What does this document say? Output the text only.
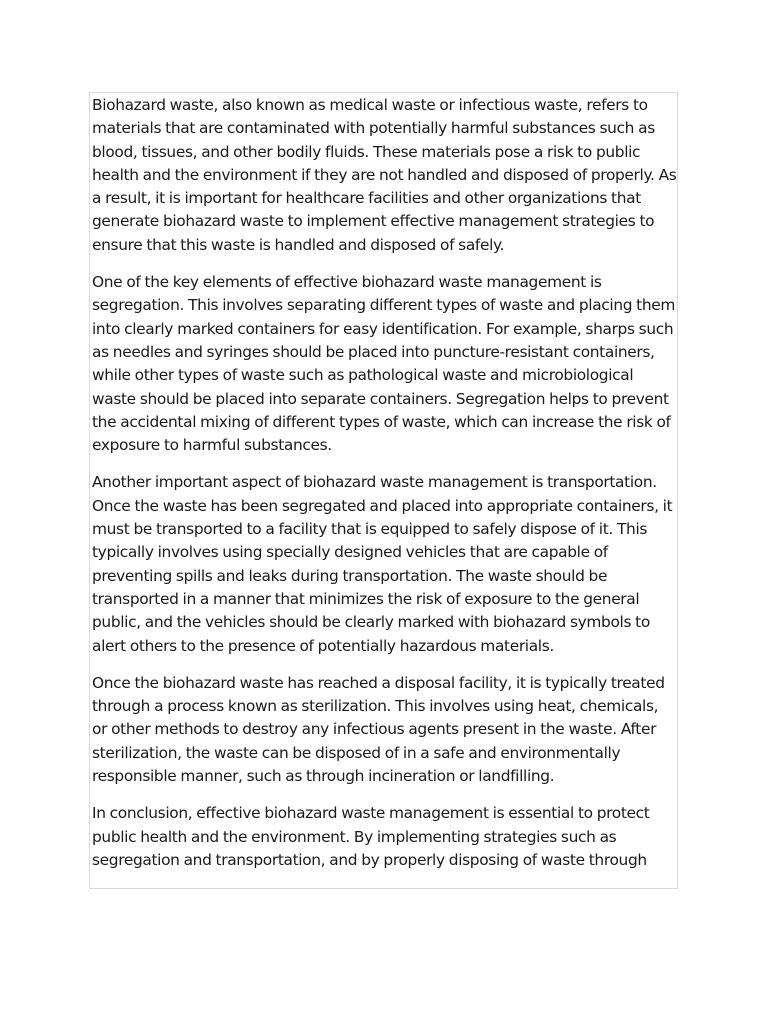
Biohazard waste, also known as medical waste or infectious waste, refers to materials that are contaminated with potentially harmful substances such as blood, tissues, and other bodily fluids. These materials pose a risk to public health and the environment if they are not handled and disposed of properly. As a result, it is important for healthcare facilities and other organizations that generate biohazard waste to implement effective management strategies to ensure that this waste is handled and disposed of safely.

One of the key elements of effective biohazard waste management is segregation. This involves separating different types of waste and placing them into clearly marked containers for easy identification. For example, sharps such as needles and syringes should be placed into puncture-resistant containers, while other types of waste such as pathological waste and microbiological waste should be placed into separate containers. Segregation helps to prevent the accidental mixing of different types of waste, which can increase the risk of exposure to harmful substances.

Another important aspect of biohazard waste management is transportation. Once the waste has been segregated and placed into appropriate containers, it must be transported to a facility that is equipped to safely dispose of it. This typically involves using specially designed vehicles that are capable of preventing spills and leaks during transportation. The waste should be transported in a manner that minimizes the risk of exposure to the general public, and the vehicles should be clearly marked with biohazard symbols to alert others to the presence of potentially hazardous materials.

Once the biohazard waste has reached a disposal facility, it is typically treated through a process known as sterilization. This involves using heat, chemicals, or other methods to destroy any infectious agents present in the waste. After sterilization, the waste can be disposed of in a safe and environmentally responsible manner, such as through incineration or landfilling.

In conclusion, effective biohazard waste management is essential to protect public health and the environment. By implementing strategies such as segregation and transportation, and by properly disposing of waste through
